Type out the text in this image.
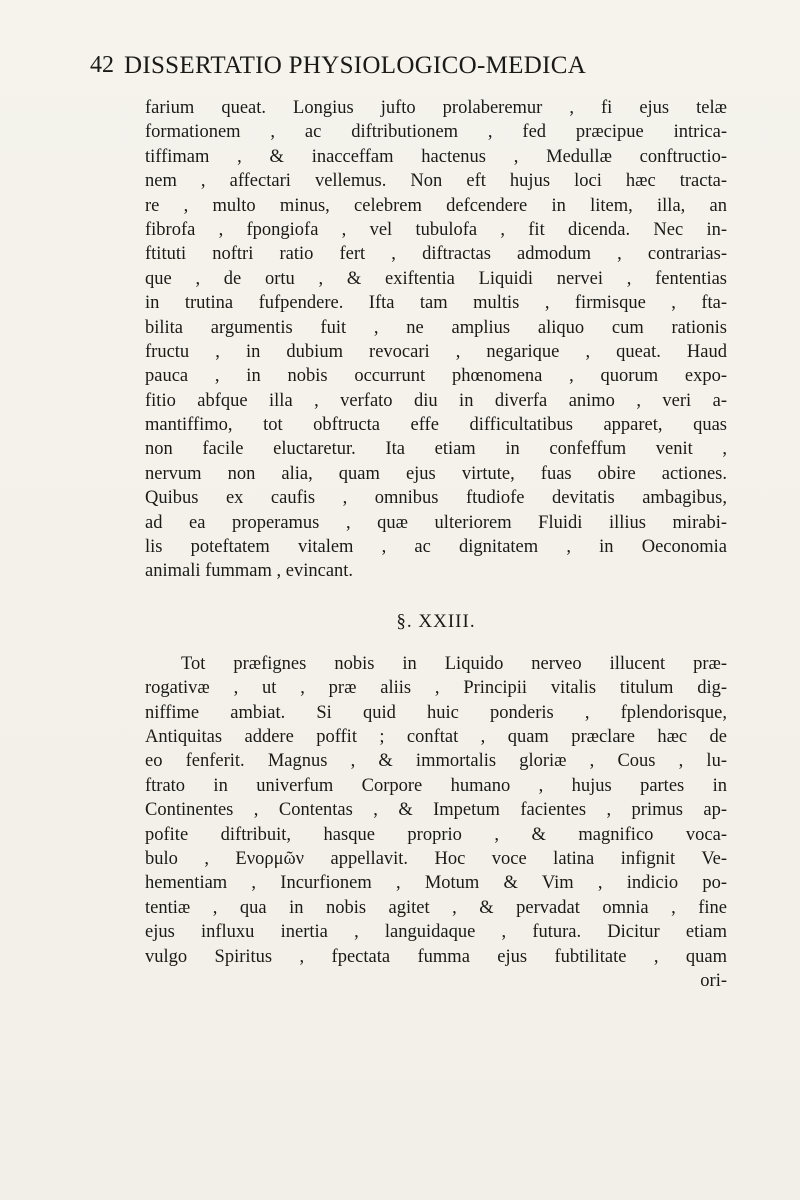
42 DISSERTATIO PHYSIOLOGICO-MEDICA
farium queat. Longius jufto prolaberemur , fi ejus telæ
formationem , ac diftributionem , fed præcipue intrica-
tiffimam , & inacceffam hactenus , Medullæ conftructio-
nem , affectari vellemus. Non eft hujus loci hæc tracta-
re , multo minus, celebrem defcendere in litem, illa, an
fibrofa , fpongiofa , vel tubulofa , fit dicenda. Nec in-
ftituti noftri ratio fert , diftractas admodum , contrarias-
que , de ortu , & exiftentia Liquidi nervei , fententias
in trutina fufpendere. Ifta tam multis , firmisque , fta-
bilita argumentis fuit , ne amplius aliquo cum rationis
fructu , in dubium revocari , negarique , queat. Haud
pauca , in nobis occurrunt phœnomena , quorum expo-
fitio abfque illa , verfato diu in diverfa animo , veri a-
mantiffimo, tot obftructa effe difficultatibus apparet, quas
non facile eluctaretur. Ita etiam in confeffum venit ,
nervum non alia, quam ejus virtute, fuas obire actiones.
Quibus ex caufis , omnibus ftudiofe devitatis ambagibus,
ad ea properamus , quæ ulteriorem Fluidi illius mirabi-
lis poteftatem vitalem , ac dignitatem , in Oeconomia
animali fummam , evincant.
§. XXIII.
Tot præfignes nobis in Liquido nerveo illucent præ-
rogativæ , ut , præ aliis , Principii vitalis titulum dig-
niffime ambiat. Si quid huic ponderis , fplendorisque,
Antiquitas addere poffit ; conftat , quam præclare hæc de
eo fenferit. Magnus , & immortalis gloriæ , Cous , lu-
ftrato in univerfum Corpore humano , hujus partes in
Continentes , Contentas , & Impetum facientes , primus ap-
pofite diftribuit, hasque proprio , & magnifico voca-
bulo , Ενορμῶν appellavit. Hoc voce latina infignit Ve-
hementiam , Incurfionem , Motum & Vim , indicio po-
tentiæ , qua in nobis agitet , & pervadat omnia , fine
ejus influxu inertia , languidaque , futura. Dicitur etiam
vulgo Spiritus , fpectata fumma ejus fubtilitate , quam
ori-
